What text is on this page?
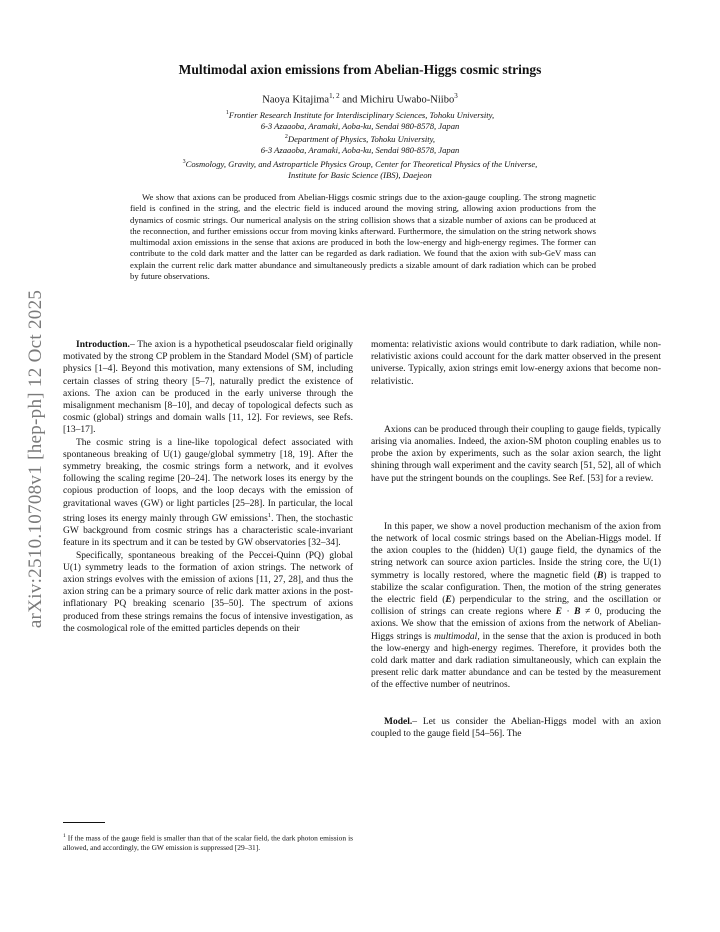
arXiv:2510.10708v1 [hep-ph] 12 Oct 2025
Multimodal axion emissions from Abelian-Higgs cosmic strings
Naoya Kitajima$^{1, 2}$ and Michiru Uwabo-Niibo$^3$
$^1$Frontier Research Institute for Interdisciplinary Sciences, Tohoku University,
6-3 Azaaoba, Aramaki, Aoba-ku, Sendai 980-8578, Japan
$^2$Department of Physics, Tohoku University,
6-3 Azaaoba, Aramaki, Aoba-ku, Sendai 980-8578, Japan
$^3$Cosmology, Gravity, and Astroparticle Physics Group, Center for Theoretical Physics of the Universe,
Institute for Basic Science (IBS), Daejeon
We show that axions can be produced from Abelian-Higgs cosmic strings due to the axion-gauge coupling. The strong magnetic field is confined in the string, and the electric field is induced around the moving string, allowing axion productions from the dynamics of cosmic strings. Our numerical analysis on the string collision shows that a sizable number of axions can be produced at the reconnection, and further emissions occur from moving kinks afterward. Furthermore, the simulation on the string network shows multimodal axion emissions in the sense that axions are produced in both the low-energy and high-energy regimes. The former can contribute to the cold dark matter and the latter can be regarded as dark radiation. We found that the axion with sub-GeV mass can explain the current relic dark matter abundance and simultaneously predicts a sizable amount of dark radiation which can be probed by future observations.

Introduction.– The axion is a hypothetical pseudoscalar field originally motivated by the strong CP problem in the Standard Model (SM) of particle physics [1–4]. Beyond this motivation, many extensions of SM, including certain classes of string theory [5–7], naturally predict the existence of axions. The axion can be produced in the early universe through the misalignment mechanism [8–10], and decay of topological defects such as cosmic (global) strings and domain walls [11, 12]. For reviews, see Refs. [13–17].

The cosmic string is a line-like topological defect associated with spontaneous breaking of U(1) gauge/global symmetry [18, 19]. After the symmetry breaking, the cosmic strings form a network, and it evolves following the scaling regime [20–24]. The network loses its energy by the copious production of loops, and the loop decays with the emission of gravitational waves (GW) or light particles [25–28]. In particular, the local string loses its energy mainly through GW emissions$^1$. Then, the stochastic GW background from cosmic strings has a characteristic scale-invariant feature in its spectrum and it can be tested by GW observatories [32–34].

Specifically, spontaneous breaking of the Peccei-Quinn (PQ) global U(1) symmetry leads to the formation of axion strings. The network of axion strings evolves with the emission of axions [11, 27, 28], and thus the axion string can be a primary source of relic dark matter axions in the post-inflationary PQ breaking scenario [35–50]. The spectrum of axions produced from these strings remains the focus of intensive investigation, as the cosmological role of the emitted particles depends on their

$^1$ If the mass of the gauge field is smaller than that of the scalar field, the dark photon emission is allowed, and accordingly, the GW emission is suppressed [29–31].

momenta: relativistic axions would contribute to dark radiation, while non-relativistic axions could account for the dark matter observed in the present universe. Typically, axion strings emit low-energy axions that become non-relativistic.

Axions can be produced through their coupling to gauge fields, typically arising via anomalies. Indeed, the axion-SM photon coupling enables us to probe the axion by experiments, such as the solar axion search, the light shining through wall experiment and the cavity search [51, 52], all of which have put the stringent bounds on the couplings. See Ref. [53] for a review.

In this paper, we show a novel production mechanism of the axion from the network of local cosmic strings based on the Abelian-Higgs model. If the axion couples to the (hidden) U(1) gauge field, the dynamics of the string network can source axion particles. Inside the string core, the U(1) symmetry is locally restored, where the magnetic field (B) is trapped to stabilize the scalar configuration. Then, the motion of the string generates the electric field (E) perpendicular to the string, and the oscillation or collision of strings can create regions where E · B ≠ 0, producing the axions. We show that the emission of axions from the network of Abelian-Higgs strings is multimodal, in the sense that the axion is produced in both the low-energy and high-energy regimes. Therefore, it provides both the cold dark matter and dark radiation simultaneously, which can explain the present relic dark matter abundance and can be tested by the measurement of the effective number of neutrinos.

Model.– Let us consider the Abelian-Higgs model with an axion coupled to the gauge field [54–56]. The
